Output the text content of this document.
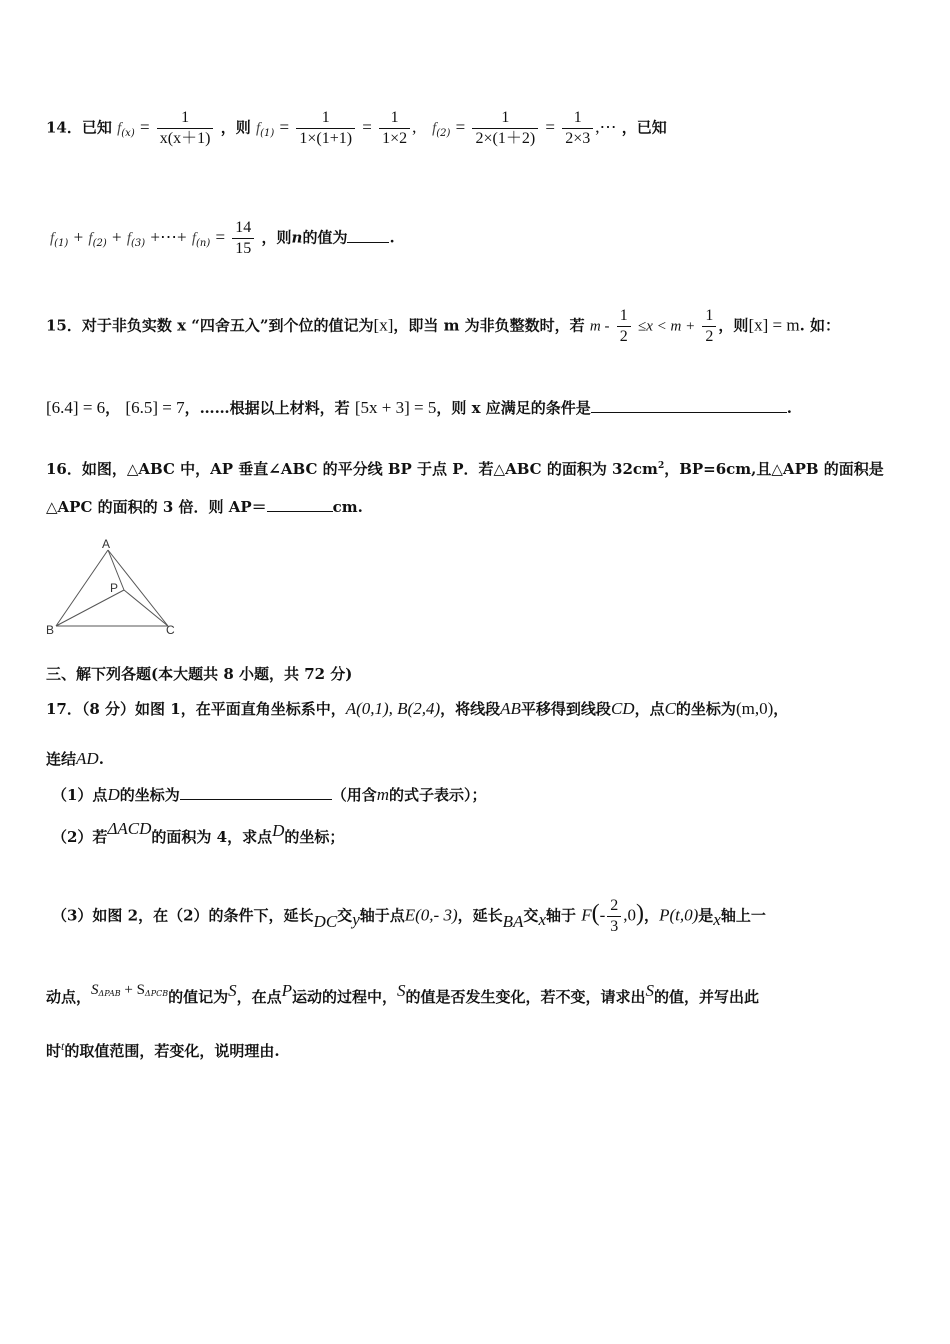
14．已知 $f_{(x)} = \frac{1}{x(x+1)}$ ，则 $f_{(1)} = \frac{1}{1\times(1+1)} = \frac{1}{1\times 2}$ , $f_{(2)} = \frac{1}{2\times(1+2)} = \frac{1}{2\times 3}$ ,⋯ ，已知
$f_{(1)} + f_{(2)} + f_{(3)}$ +⋯+ $f_{(n)} = \frac{14}{15}$ ，则n的值为	.
15．对于非负实数 x “四舍五入”到个位的值记为[x]，即当 m 为非负整数时，若 $m - \frac{1}{2} \le x < m + \frac{1}{2}$ ，则[x] = m. 如：
[6.4] = 6， [6.5] = 7，……根据以上材料，若 [5x + 3] = 5，则 x 应满足的条件是	.
16．如图，△ABC 中，AP 垂直∠ABC 的平分线 BP 于点 P．若△ABC 的面积为 $32cm^2$，BP=6cm,且△APB 的面积是
△APC 的面积的 3 倍．则 AP＝	cm.
A
P
B	C
三、解下列各题(本大题共 8 小题，共 72 分)
17．（8 分）如图 1，在平面直角坐标系中，A(0,1), B(2,4)，将线段AB平移得到线段CD，点C的坐标为(m,0)，
连结AD.
（1）点D的坐标为	（用含m的式子表示）；
（2）若ΔACD的面积为 4，求点D的坐标；
（3）如图 2，在（2）的条件下，延长DC交y轴于点E(0,- 3)，延长BA交x轴于 $F(- \frac{2}{3} ,0)$，P(t,0)是x轴上一
动点，$S^{\Delta PAB} + S^{\Delta PCB}$的值记为S，在点P运动的过程中，S的值是否发生变化，若不变，请求出S的值，并写出此
时$^t$的取值范围，若变化，说明理由.
